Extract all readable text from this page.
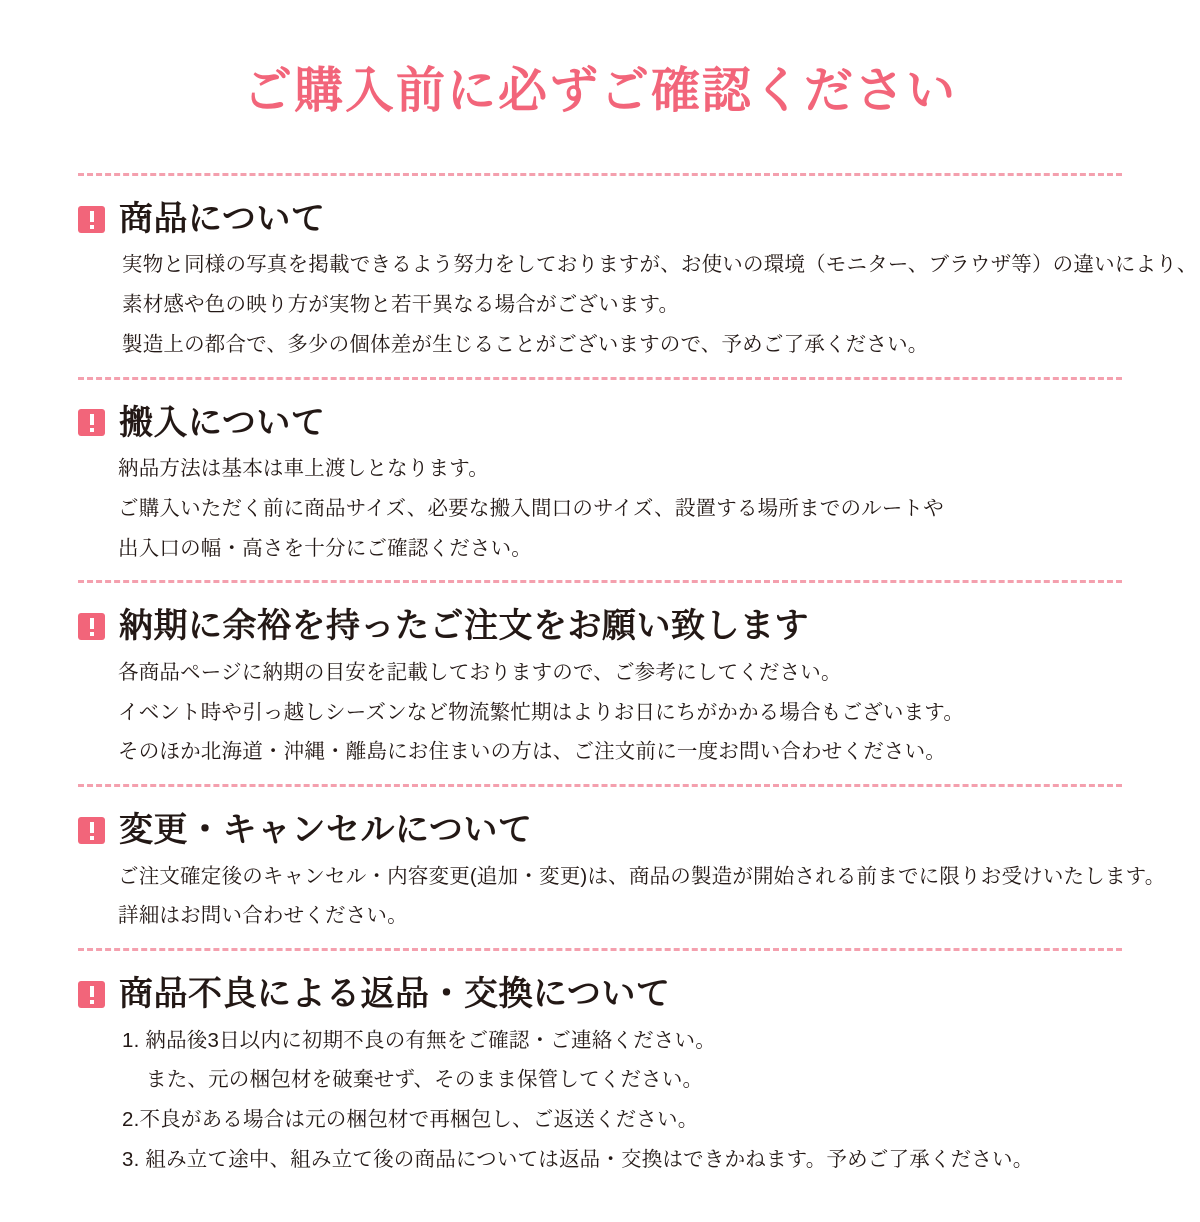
ご購入前に必ずご確認ください
商品について

実物と同様の写真を掲載できるよう努力をしておりますが、お使いの環境（モニター、ブラウザ等）の違いにより、

素材感や色の映り方が実物と若干異なる場合がございます。

製造上の都合で、多少の個体差が生じることがございますので、予めご了承ください。

搬入について

納品方法は基本は車上渡しとなります。

ご購入いただく前に商品サイズ、必要な搬入間口のサイズ、設置する場所までのルートや

出入口の幅・高さを十分にご確認ください。

納期に余裕を持ったご注文をお願い致します

各商品ページに納期の目安を記載しておりますので、ご参考にしてください。

イベント時や引っ越しシーズンなど物流繁忙期はよりお日にちがかかる場合もございます。

そのほか北海道・沖縄・離島にお住まいの方は、ご注文前に一度お問い合わせください。

変更・キャンセルについて

ご注文確定後のキャンセル・内容変更(追加・変更)は、商品の製造が開始される前までに限りお受けいたします。

詳細はお問い合わせください。

商品不良による返品・交換について

1. 納品後3日以内に初期不良の有無をご確認・ご連絡ください。

また、元の梱包材を破棄せず、そのまま保管してください。

2.不良がある場合は元の梱包材で再梱包し、ご返送ください。

3. 組み立て途中、組み立て後の商品については返品・交換はできかねます。予めご了承ください。
